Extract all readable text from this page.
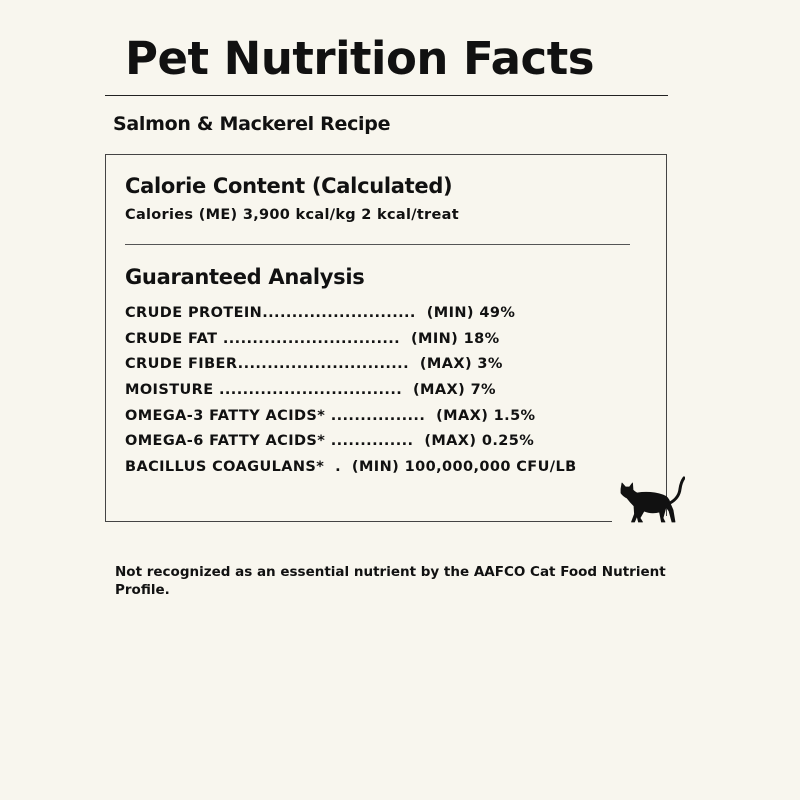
Pet Nutrition Facts
Salmon & Mackerel Recipe
Calorie Content (Calculated)
Calories (ME) 3,900 kcal/kg 2 kcal/treat
Guaranteed Analysis
CRUDE PROTEIN..........................  (MIN) 49%
CRUDE FAT ..............................  (MIN) 18%
CRUDE FIBER.............................  (MAX) 3%
MOISTURE ...............................  (MAX) 7%
OMEGA-3 FATTY ACIDS* ................  (MAX) 1.5%
OMEGA-6 FATTY ACIDS* ..............  (MAX) 0.25%
BACILLUS COAGULANS*  .  (MIN) 100,000,000 CFU/LB
Not recognized as an essential nutrient by the AAFCO Cat Food Nutrient Profile.
